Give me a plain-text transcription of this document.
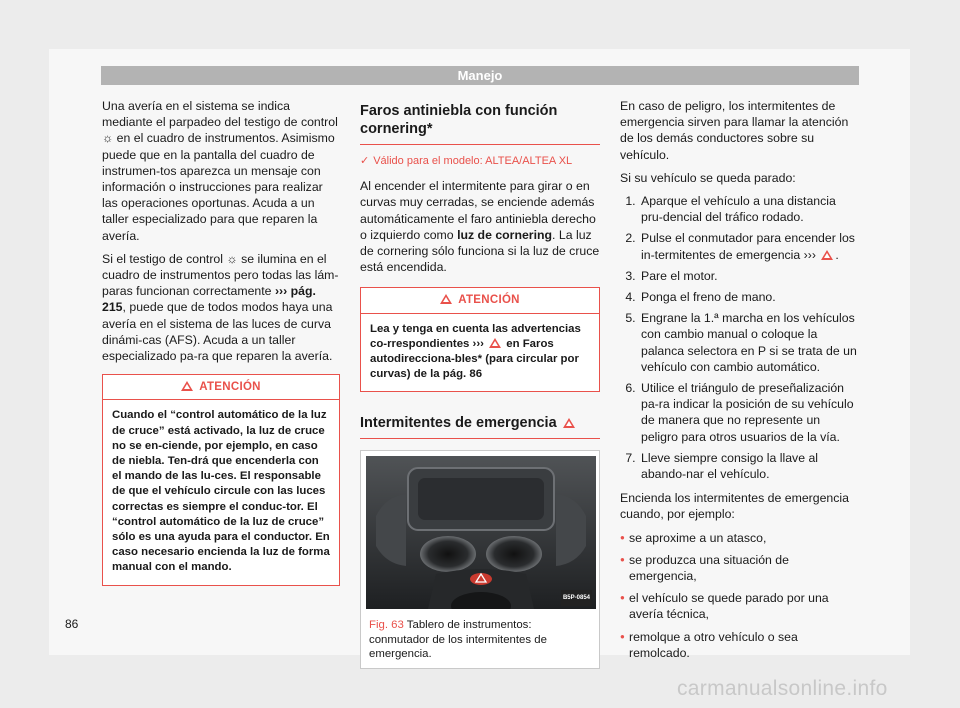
Manejo

Una avería en el sistema se indica mediante el parpadeo del testigo de control ☼ en el cuadro de instrumentos. Asimismo puede que en la pantalla del cuadro de instrumen-tos aparezca un mensaje con información o instrucciones para realizar las operaciones oportunas. Acuda a un taller especializado para que reparen la avería.

Si el testigo de control ☼ se ilumina en el cuadro de instrumentos pero todas las lám-paras funcionan correctamente ››› pág. 215, puede que de todos modos haya una avería en el sistema de las luces de curva dinámi-cas (AFS). Acuda a un taller especializado pa-ra que reparen la avería.

ATENCIÓN
Cuando el “control automático de la luz de cruce” está activado, la luz de cruce no se en-ciende, por ejemplo, en caso de niebla. Ten-drá que encenderla con el mando de las lu-ces. El responsable de que el vehículo circule con las luces correctas es siempre el conduc-tor. El “control automático de la luz de cruce” sólo es una ayuda para el conductor. En caso necesario encienda la luz de forma manual con el mando.
Faros antiniebla con función cornering*
✓ Válido para el modelo: ALTEA/ALTEA XL

Al encender el intermitente para girar o en curvas muy cerradas, se enciende además automáticamente el faro antiniebla derecho o izquierdo como luz de cornering. La luz de cornering sólo funciona si la luz de cruce está encendida.

ATENCIÓN
Lea y tenga en cuenta las advertencias co-rrespondientes ›››  en Faros autodirecciona-bles* (para circular por curvas) de la pág. 86
Intermitentes de emergencia
B5P-0854
Fig. 63 Tablero de instrumentos: conmutador de los intermitentes de emergencia.

En caso de peligro, los intermitentes de emergencia sirven para llamar la atención de los demás conductores sobre su vehículo.

Si su vehículo se queda parado:

1. Aparque el vehículo a una distancia pru-dencial del tráfico rodado.
2. Pulse el conmutador para encender los in-termitentes de emergencia ››› .
3. Pare el motor.
4. Ponga el freno de mano.
5. Engrane la 1.ª marcha en los vehículos con cambio manual o coloque la palanca selectora en P si se trata de un vehículo con cambio automático.
6. Utilice el triángulo de preseñalización pa-ra indicar la posición de su vehículo de manera que no represente un peligro para otros usuarios de la vía.
7. Lleve siempre consigo la llave al abando-nar el vehículo.

Encienda los intermitentes de emergencia cuando, por ejemplo:

● se aproxime a un atasco,
● se produzca una situación de emergencia,
● el vehículo se quede parado por una avería técnica,
● remolque a otro vehículo o sea remolcado.
86
carmanualsonline.info
